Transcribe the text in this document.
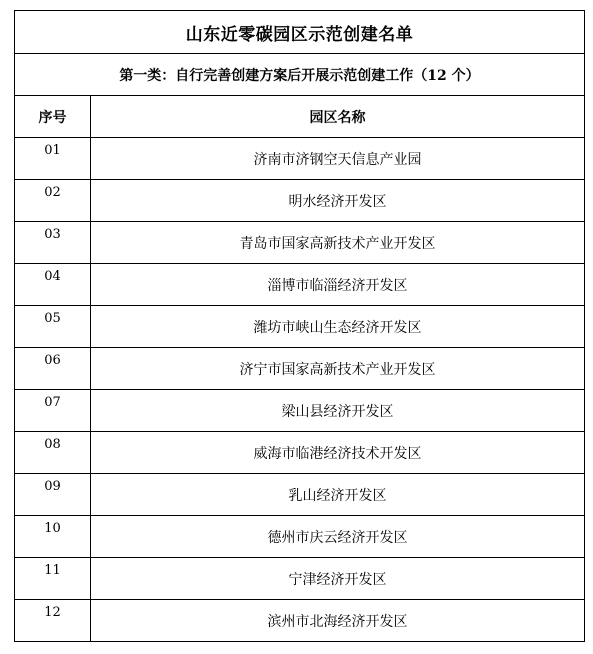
山东近零碳园区示范创建名单	
第一类：自行完善创建方案后开展示范创建工作（12 个）	
序号	园区名称
01	济南市济钢空天信息产业园
02	明水经济开发区
03	青岛市国家高新技术产业开发区
04	淄博市临淄经济开发区
05	潍坊市峡山生态经济开发区
06	济宁市国家高新技术产业开发区
07	梁山县经济开发区
08	威海市临港经济技术开发区
09	乳山经济开发区
10	德州市庆云经济开发区
11	宁津经济开发区
12	滨州市北海经济开发区
